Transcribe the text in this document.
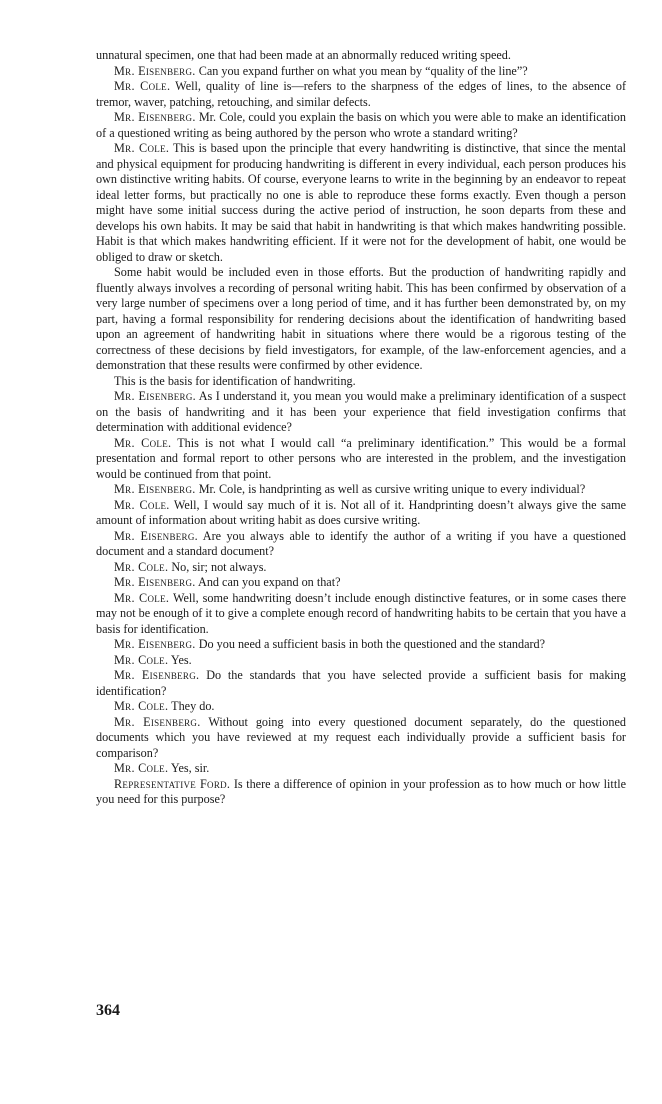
unnatural specimen, one that had been made at an abnormally reduced writing speed.

Mr. Eisenberg. Can you expand further on what you mean by “quality of the line”?

Mr. Cole. Well, quality of line is—refers to the sharpness of the edges of lines, to the absence of tremor, waver, patching, retouching, and similar defects.

Mr. Eisenberg. Mr. Cole, could you explain the basis on which you were able to make an identification of a questioned writing as being authored by the person who wrote a standard writing?

Mr. Cole. This is based upon the principle that every handwriting is distinctive, that since the mental and physical equipment for producing handwriting is different in every individual, each person produces his own distinctive writing habits. Of course, everyone learns to write in the beginning by an endeavor to repeat ideal letter forms, but practically no one is able to reproduce these forms exactly. Even though a person might have some initial success during the active period of instruction, he soon departs from these and develops his own habits. It may be said that habit in handwriting is that which makes handwriting possible. Habit is that which makes handwriting efficient. If it were not for the development of habit, one would be obliged to draw or sketch.

Some habit would be included even in those efforts. But the production of handwriting rapidly and fluently always involves a recording of personal writing habit. This has been confirmed by observation of a very large number of specimens over a long period of time, and it has further been demonstrated by, on my part, having a formal responsibility for rendering decisions about the identification of handwriting based upon an agreement of handwriting habit in situations where there would be a rigorous testing of the correctness of these decisions by field investigators, for example, of the law-enforcement agencies, and a demonstration that these results were confirmed by other evidence.

This is the basis for identification of handwriting.

Mr. Eisenberg. As I understand it, you mean you would make a preliminary identification of a suspect on the basis of handwriting and it has been your experience that field investigation confirms that determination with additional evidence?

Mr. Cole. This is not what I would call “a preliminary identification.” This would be a formal presentation and formal report to other persons who are interested in the problem, and the investigation would be continued from that point.

Mr. Eisenberg. Mr. Cole, is handprinting as well as cursive writing unique to every individual?

Mr. Cole. Well, I would say much of it is. Not all of it. Handprinting doesn’t always give the same amount of information about writing habit as does cursive writing.

Mr. Eisenberg. Are you always able to identify the author of a writing if you have a questioned document and a standard document?

Mr. Cole. No, sir; not always.

Mr. Eisenberg. And can you expand on that?

Mr. Cole. Well, some handwriting doesn’t include enough distinctive features, or in some cases there may not be enough of it to give a complete enough record of handwriting habits to be certain that you have a basis for identification.

Mr. Eisenberg. Do you need a sufficient basis in both the questioned and the standard?

Mr. Cole. Yes.

Mr. Eisenberg. Do the standards that you have selected provide a sufficient basis for making identification?

Mr. Cole. They do.

Mr. Eisenberg. Without going into every questioned document separately, do the questioned documents which you have reviewed at my request each individually provide a sufficient basis for comparison?

Mr. Cole. Yes, sir.

Representative Ford. Is there a difference of opinion in your profession as to how much or how little you need for this purpose?

364
